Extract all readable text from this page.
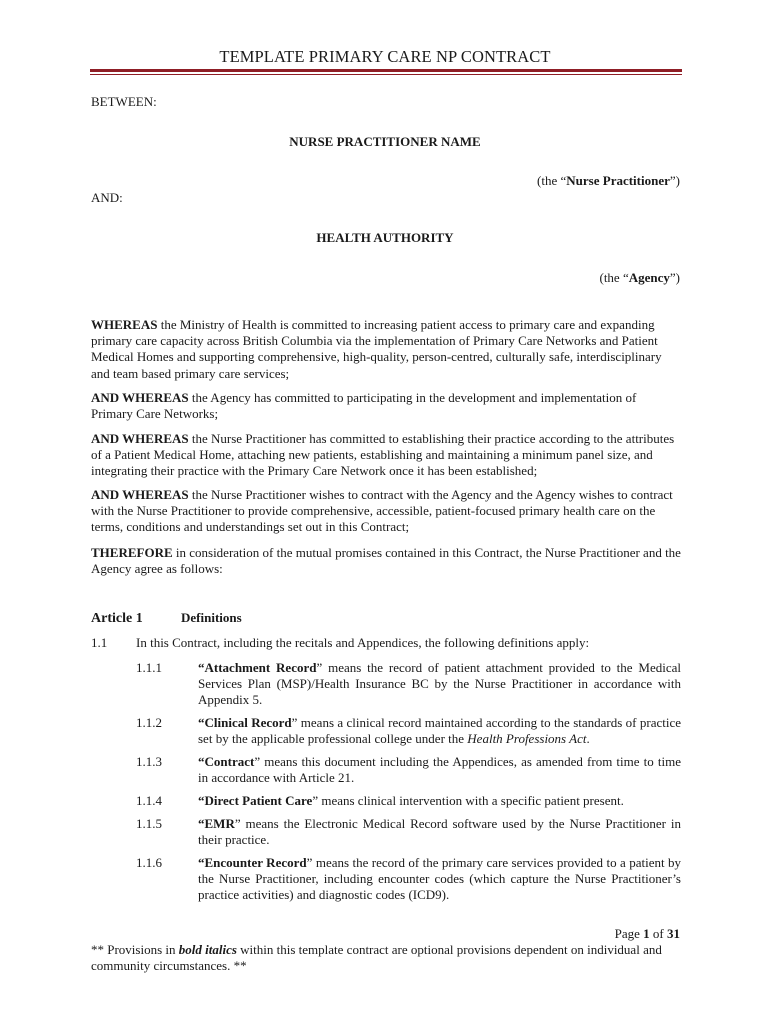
TEMPLATE PRIMARY CARE NP CONTRACT
BETWEEN:
NURSE PRACTITIONER NAME
(the “Nurse Practitioner”)
AND:
HEALTH AUTHORITY
(the “Agency”)

WHEREAS the Ministry of Health is committed to increasing patient access to primary care and expanding primary care capacity across British Columbia via the implementation of Primary Care Networks and Patient Medical Homes and supporting comprehensive, high-quality, person-centred, culturally safe, interdisciplinary and team based primary care services;

AND WHEREAS the Agency has committed to participating in the development and implementation of Primary Care Networks;

AND WHEREAS the Nurse Practitioner has committed to establishing their practice according to the attributes of a Patient Medical Home, attaching new patients, establishing and maintaining a minimum panel size, and integrating their practice with the Primary Care Network once it has been established;

AND WHEREAS the Nurse Practitioner wishes to contract with the Agency and the Agency wishes to contract with the Nurse Practitioner to provide comprehensive, accessible, patient-focused primary health care on the terms, conditions and understandings set out in this Contract;

THEREFORE in consideration of the mutual promises contained in this Contract, the Nurse Practitioner and the Agency agree as follows:

Article 1	Definitions
1.1 In this Contract, including the recitals and Appendices, the following definitions apply:
1.1.1	“Attachment Record” means the record of patient attachment provided to the Medical Services Plan (MSP)/Health Insurance BC by the Nurse Practitioner in accordance with Appendix 5.
1.1.2	“Clinical Record” means a clinical record maintained according to the standards of practice set by the applicable professional college under the Health Professions Act.
1.1.3	“Contract” means this document including the Appendices, as amended from time to time in accordance with Article 21.
1.1.4	“Direct Patient Care” means clinical intervention with a specific patient present.
1.1.5	“EMR” means the Electronic Medical Record software used by the Nurse Practitioner in their practice.
1.1.6	“Encounter Record” means the record of the primary care services provided to a patient by the Nurse Practitioner, including encounter codes (which capture the Nurse Practitioner’s practice activities) and diagnostic codes (ICD9).
Page 1 of 31
** Provisions in bold italics within this template contract are optional provisions dependent on individual and community circumstances. **
